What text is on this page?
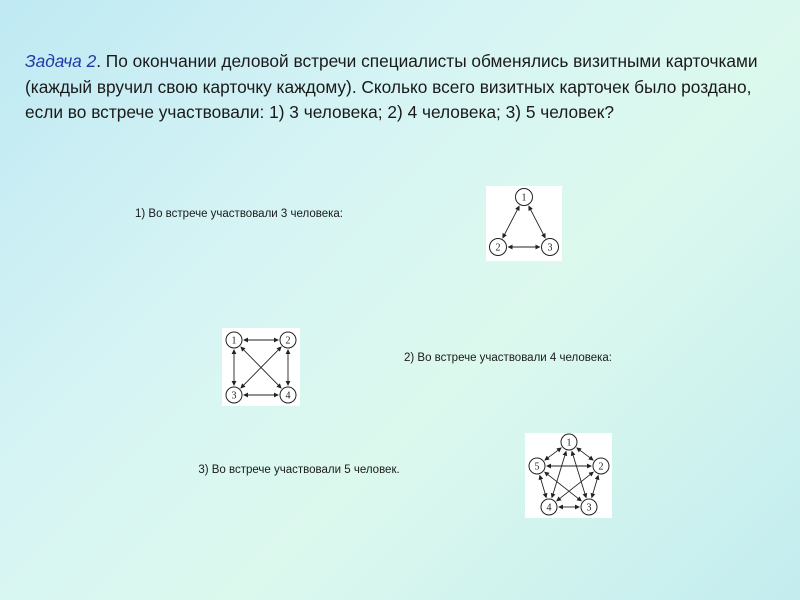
Задача 2. По окончании деловой встречи специалисты обменялись визитными карточками (каждый вручил свою карточку каждому). Сколько всего визитных карточек было роздано, если во встрече участвовали: 1) 3 человека; 2) 4 человека; 3) 5 человек?

1) Во встрече участвовали 3 человека:

2) Во встрече участвовали 4 человека:

3) Во встрече участвовали 5 человек.

1
2	3
1	2
3	4
1
2
3
4
5
